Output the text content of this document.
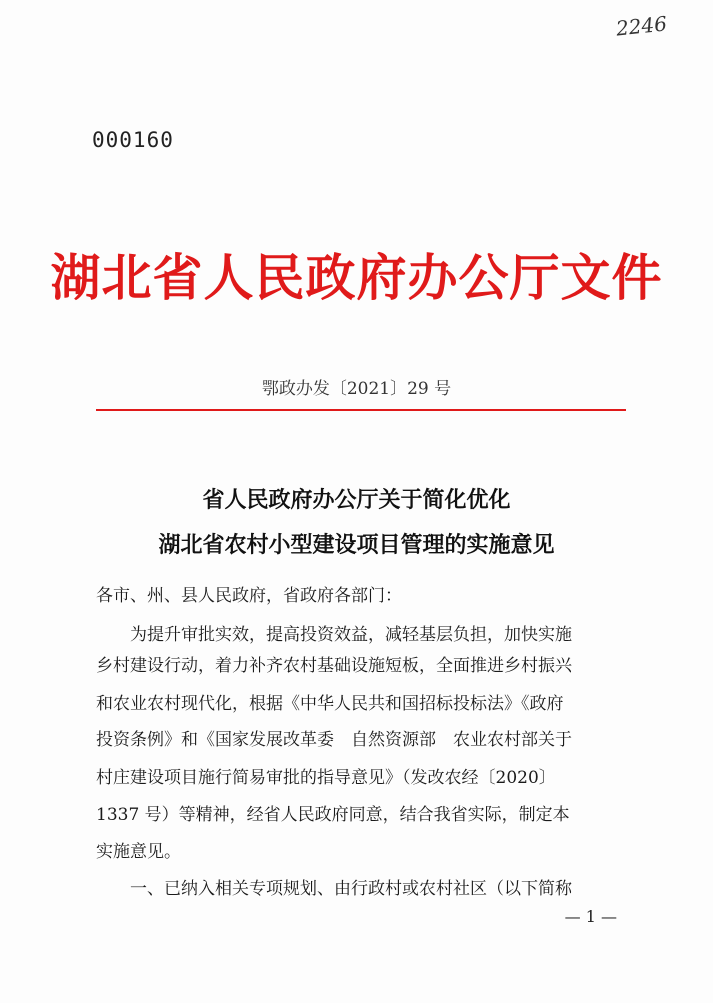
2246
000160
湖北省人民政府办公厅文件
鄂政办发〔2021〕29 号
省人民政府办公厅关于简化优化
湖北省农村小型建设项目管理的实施意见
各市、州、县人民政府，省政府各部门：
为提升审批实效，提高投资效益，减轻基层负担，加快实施
乡村建设行动，着力补齐农村基础设施短板，全面推进乡村振兴
和农业农村现代化，根据《中华人民共和国招标投标法》《政府
投资条例》和《国家发展改革委　自然资源部　农业农村部关于
村庄建设项目施行简易审批的指导意见》（发改农经〔2020〕
1337 号）等精神，经省人民政府同意，结合我省实际，制定本
实施意见。
一、已纳入相关专项规划、由行政村或农村社区（以下简称
— 1 —
